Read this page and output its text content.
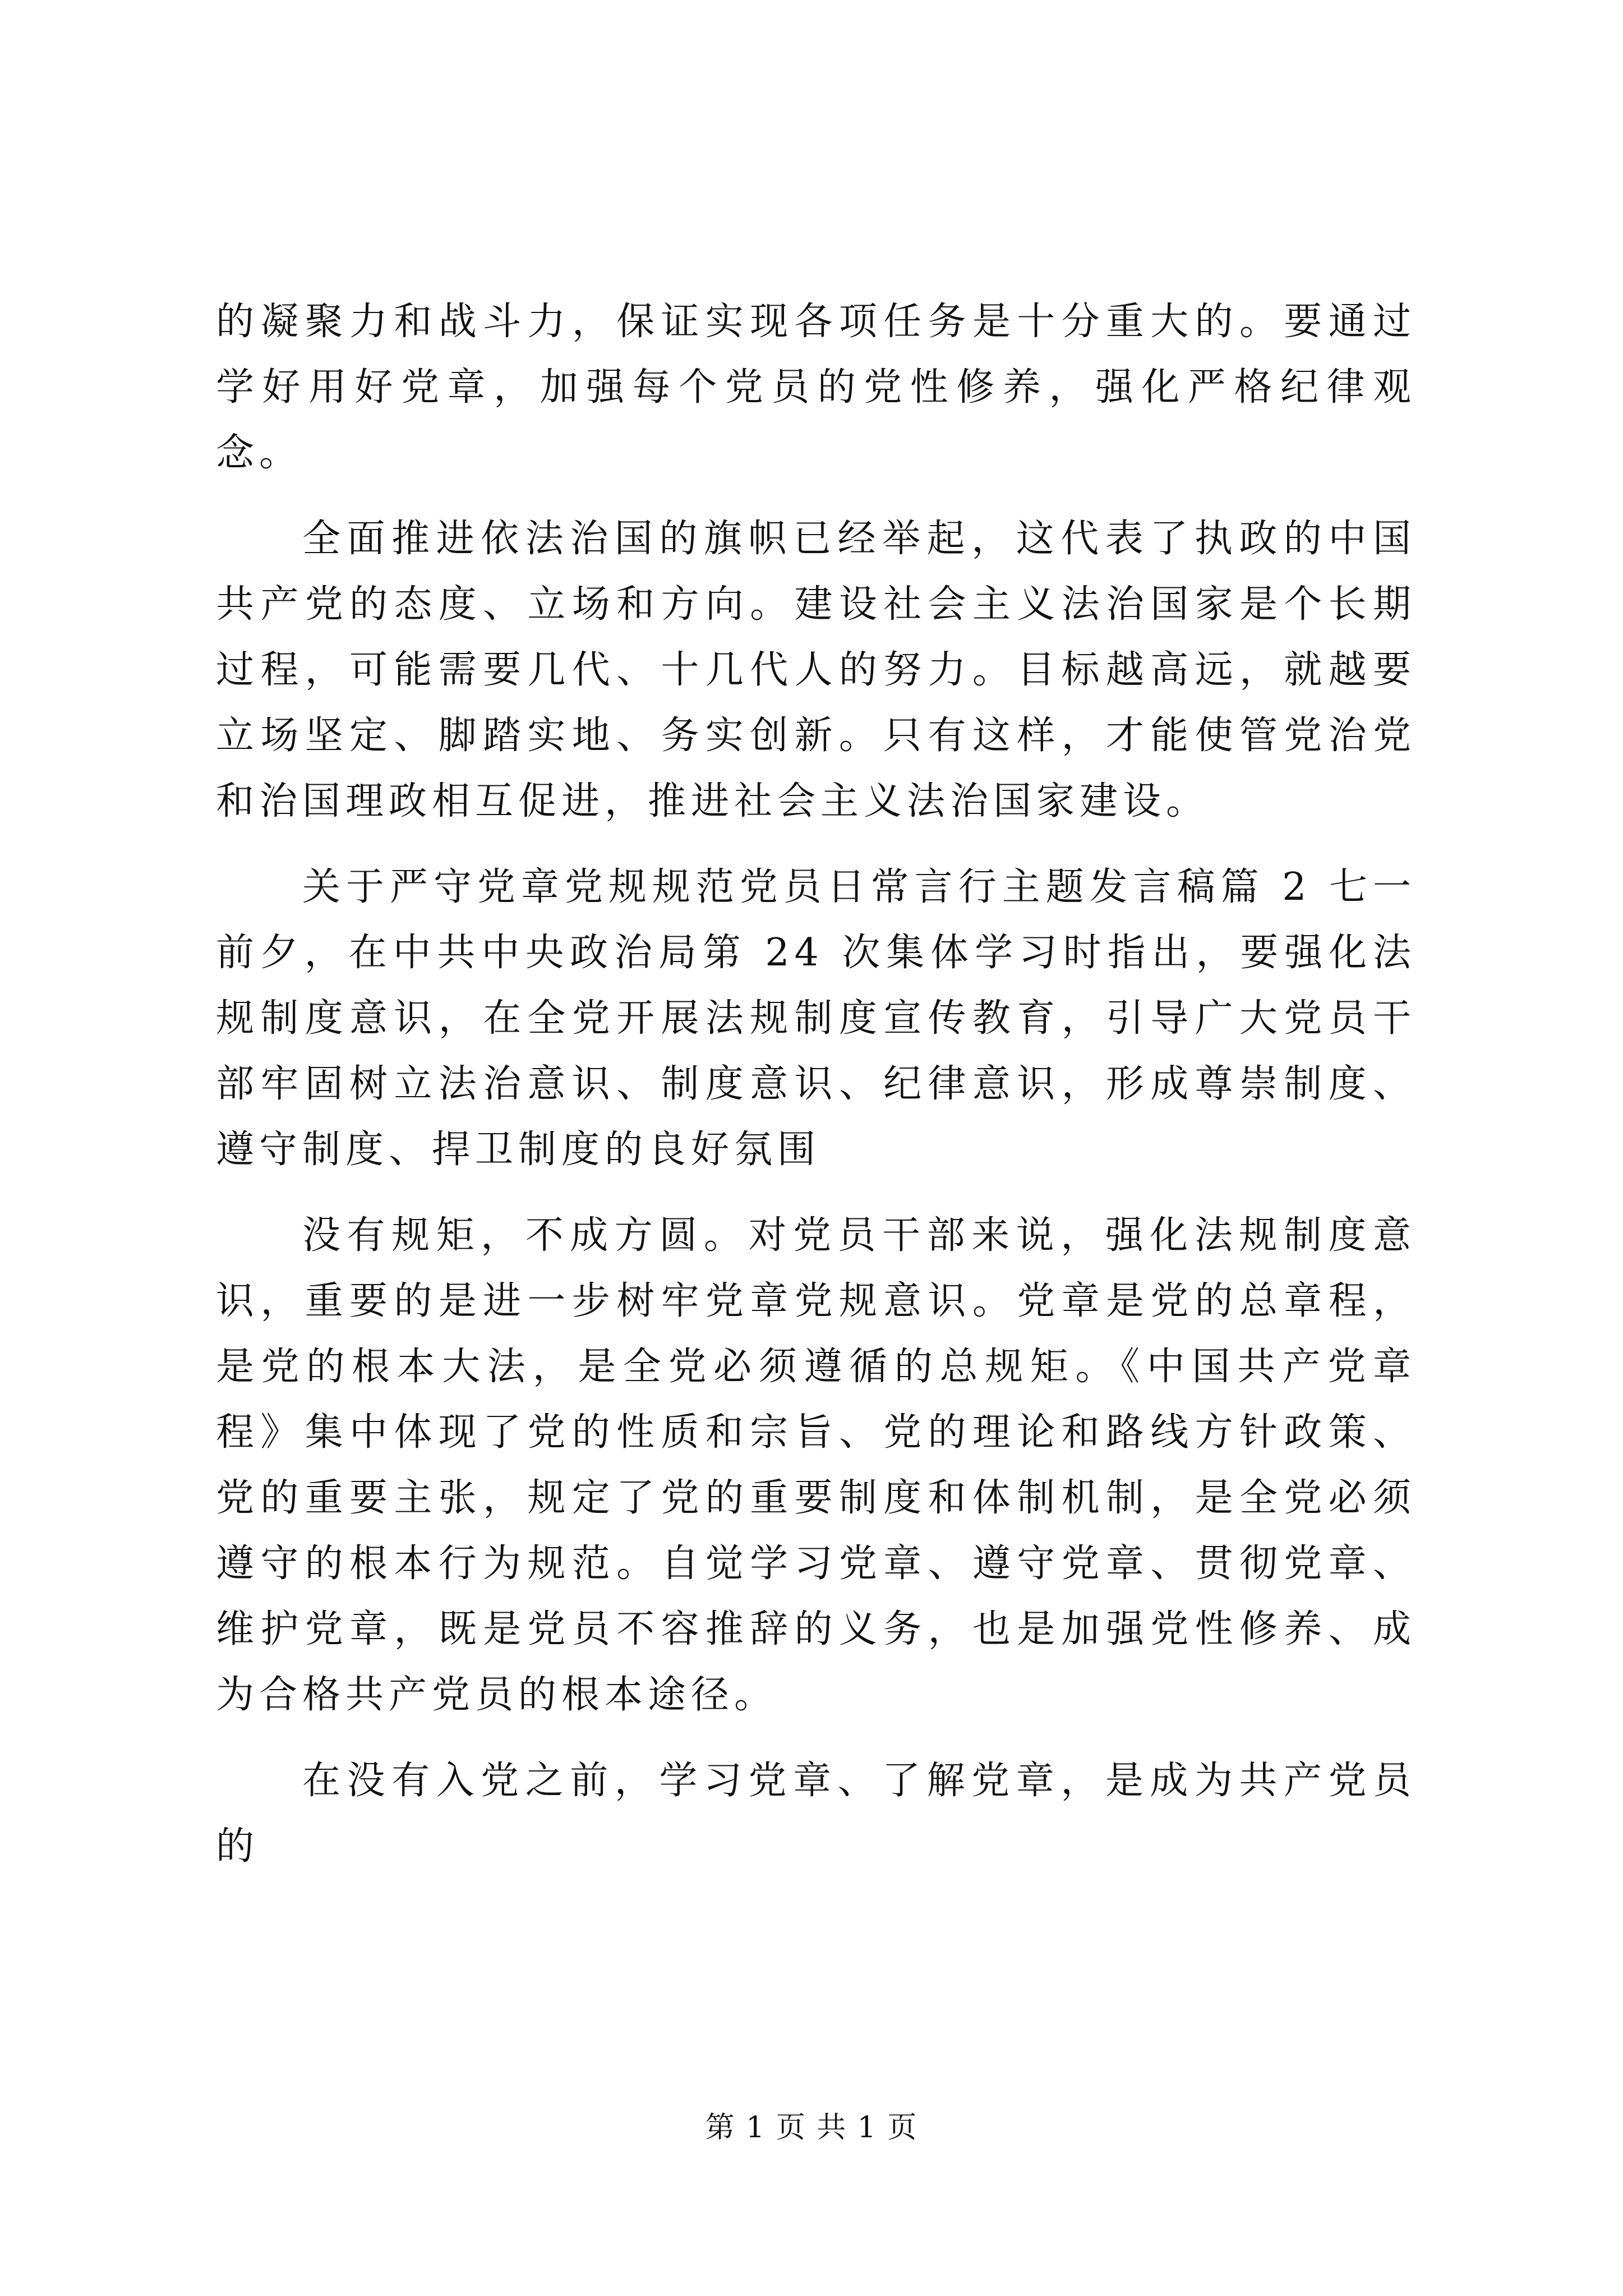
的凝聚力和战斗力，保证实现各项任务是十分重大的。要通过学好用好党章，加强每个党员的党性修养，强化严格纪律观念。

全面推进依法治国的旗帜已经举起，这代表了执政的中国共产党的态度、立场和方向。建设社会主义法治国家是个长期过程，可能需要几代、十几代人的努力。目标越高远，就越要立场坚定、脚踏实地、务实创新。只有这样，才能使管党治党和治国理政相互促进，推进社会主义法治国家建设。

关于严守党章党规规范党员日常言行主题发言稿篇 2 七一前夕，在中共中央政治局第 24 次集体学习时指出，要强化法规制度意识，在全党开展法规制度宣传教育，引导广大党员干部牢固树立法治意识、制度意识、纪律意识，形成尊崇制度、遵守制度、捍卫制度的良好氛围

没有规矩，不成方圆。对党员干部来说，强化法规制度意识，重要的是进一步树牢党章党规意识。党章是党的总章程，是党的根本大法，是全党必须遵循的总规矩。《中国共产党章程》集中体现了党的性质和宗旨、党的理论和路线方针政策、党的重要主张，规定了党的重要制度和体制机制，是全党必须遵守的根本行为规范。自觉学习党章、遵守党章、贯彻党章、维护党章，既是党员不容推辞的义务，也是加强党性修养、成为合格共产党员的根本途径。

在没有入党之前，学习党章、了解党章，是成为共产党员的

第 1 页 共 1 页
